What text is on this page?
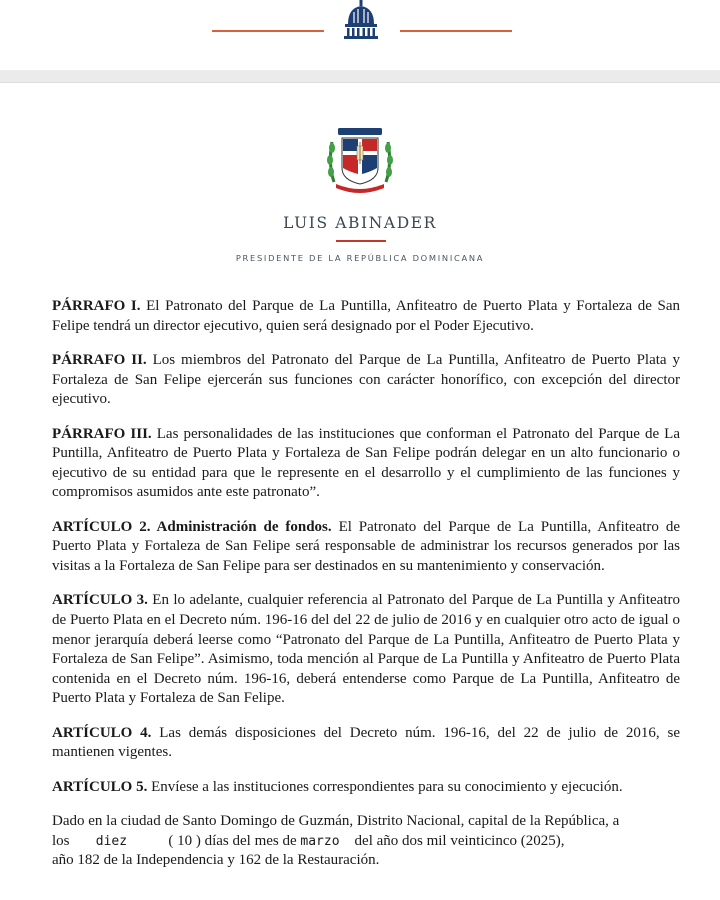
LUIS ABINADER
PRESIDENTE DE LA REPÚBLICA DOMINICANA

PÁRRAFO I. El Patronato del Parque de La Puntilla, Anfiteatro de Puerto Plata y Fortaleza de San Felipe tendrá un director ejecutivo, quien será designado por el Poder Ejecutivo.

PÁRRAFO II. Los miembros del Patronato del Parque de La Puntilla, Anfiteatro de Puerto Plata y Fortaleza de San Felipe ejercerán sus funciones con carácter honorífico, con excepción del director ejecutivo.

PÁRRAFO III. Las personalidades de las instituciones que conforman el Patronato del Parque de La Puntilla, Anfiteatro de Puerto Plata y Fortaleza de San Felipe podrán delegar en un alto funcionario o ejecutivo de su entidad para que le represente en el desarrollo y el cumplimiento de las funciones y compromisos asumidos ante este patronato”.

ARTÍCULO 2. Administración de fondos. El Patronato del Parque de La Puntilla, Anfiteatro de Puerto Plata y Fortaleza de San Felipe será responsable de administrar los recursos generados por las visitas a la Fortaleza de San Felipe para ser destinados en su mantenimiento y conservación.

ARTÍCULO 3. En lo adelante, cualquier referencia al Patronato del Parque de La Puntilla y Anfiteatro de Puerto Plata en el Decreto núm. 196-16 del del 22 de julio de 2016 y en cualquier otro acto de igual o menor jerarquía deberá leerse como “Patronato del Parque de La Puntilla, Anfiteatro de Puerto Plata y Fortaleza de San Felipe”. Asimismo, toda mención al Parque de La Puntilla y Anfiteatro de Puerto Plata contenida en el Decreto núm. 196-16, deberá entenderse como Parque de La Puntilla, Anfiteatro de Puerto Plata y Fortaleza de San Felipe.

ARTÍCULO 4. Las demás disposiciones del Decreto núm. 196-16, del 22 de julio de 2016, se mantienen vigentes.

ARTÍCULO 5. Envíese a las instituciones correspondientes para su conocimiento y ejecución.

Dado en la ciudad de Santo Domingo de Guzmán, Distrito Nacional, capital de la República, a
los diez	( 10 ) días del mes de marzo del año dos mil veinticinco (2025),
año 182 de la Independencia y 162 de la Restauración.
